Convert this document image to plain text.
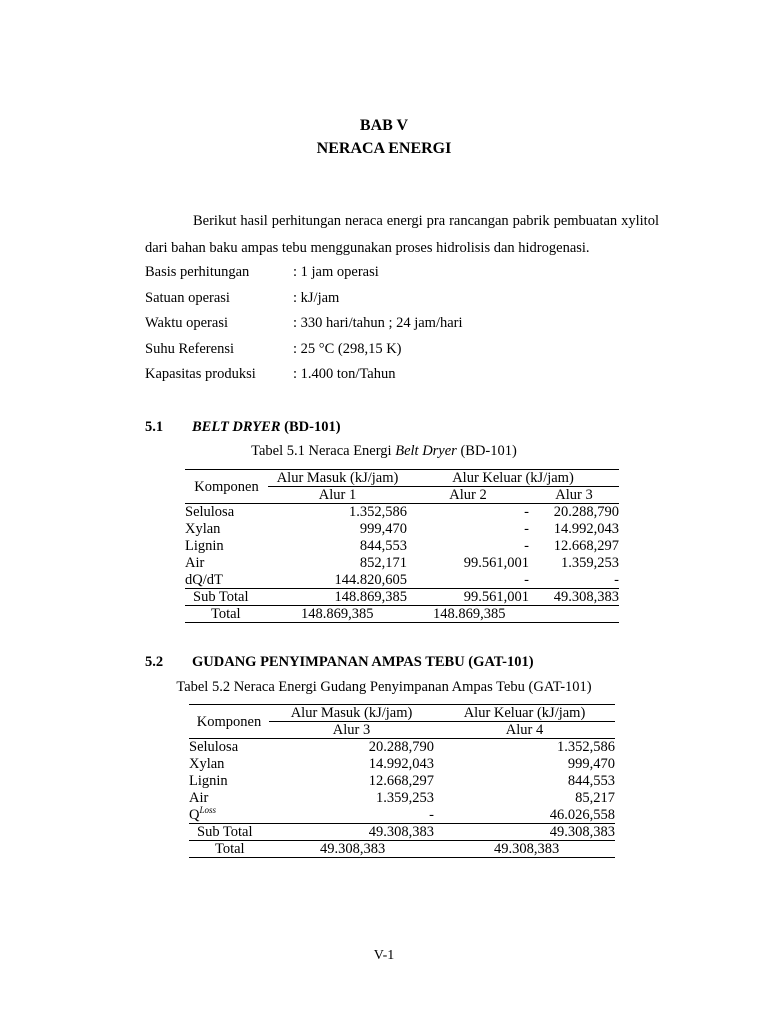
BAB V
NERACA ENERGI
Berikut hasil perhitungan neraca energi pra rancangan pabrik pembuatan xylitol dari bahan baku ampas tebu menggunakan proses hidrolisis dan hidrogenasi.
Basis perhitungan	: 1 jam operasi
Satuan operasi	: kJ/jam
Waktu operasi	: 330 hari/tahun ; 24 jam/hari
Suhu Referensi	: 25 °C (298,15 K)
Kapasitas produksi	: 1.400 ton/Tahun
5.1 BELT DRYER (BD-101)
Tabel 5.1 Neraca Energi Belt Dryer (BD-101)
Komponen	Alur Masuk (kJ/jam)	Alur Keluar (kJ/jam)	
	Alur 1	Alur 2	Alur 3
Selulosa	1.352,586	-	20.288,790
Xylan	999,470	-	14.992,043
Lignin	844,553	-	12.668,297
Air	852,171	99.561,001	1.359,253
dQ/dT	144.820,605	-	-
Sub Total	148.869,385	99.561,001	49.308,383
Total	148.869,385	148.869,385	
5.2 GUDANG PENYIMPANAN AMPAS TEBU (GAT-101)
Tabel 5.2 Neraca Energi Gudang Penyimpanan Ampas Tebu (GAT-101)
Komponen	Alur Masuk (kJ/jam)	Alur Keluar (kJ/jam)
	Alur 3	Alur 4
Selulosa	20.288,790	1.352,586
Xylan	14.992,043	999,470
Lignin	12.668,297	844,553
Air	1.359,253	85,217
$Q^{Loss}$	-	46.026,558
Sub Total	49.308,383	49.308,383
Total	49.308,383	49.308,383
V-1
